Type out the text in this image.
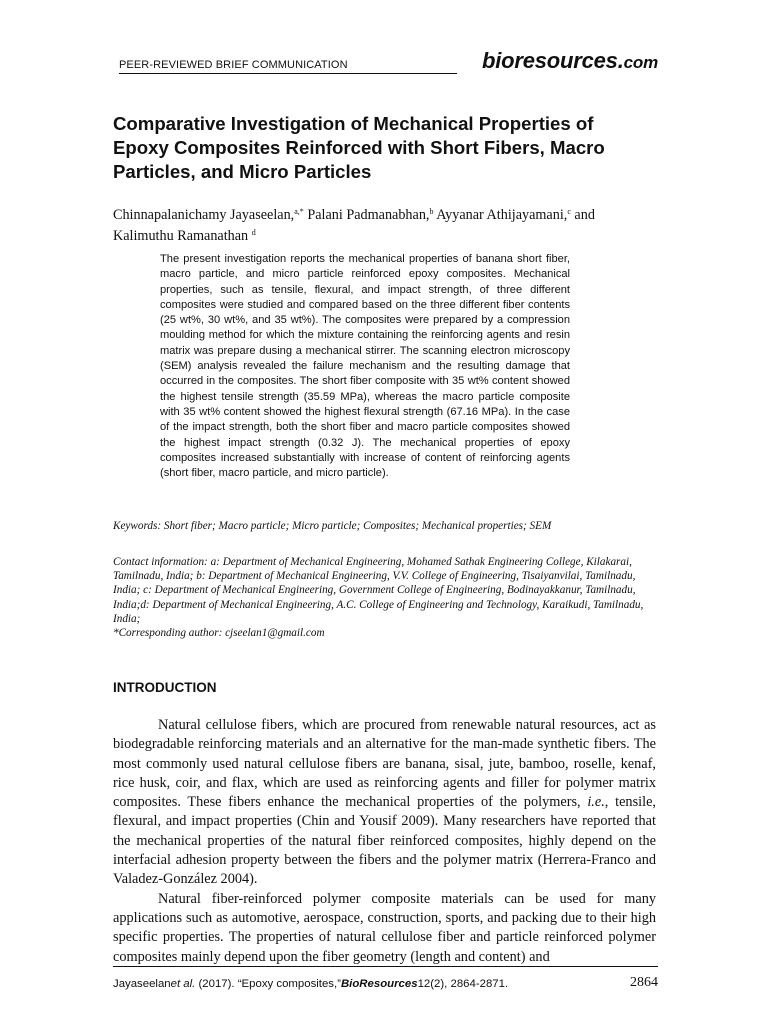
PEER-REVIEWED BRIEF COMMUNICATION	bioresources.com
Comparative Investigation of Mechanical Properties of Epoxy Composites Reinforced with Short Fibers, Macro Particles, and Micro Particles
Chinnapalanichamy Jayaseelan,$^{a,*}$ Palani Padmanabhan,$^b$ Ayyanar Athijayamani,$^c$ and Kalimuthu Ramanathan $^d$

The present investigation reports the mechanical properties of banana short fiber, macro particle, and micro particle reinforced epoxy composites. Mechanical properties, such as tensile, flexural, and impact strength, of three different composites were studied and compared based on the three different fiber contents (25 wt%, 30 wt%, and 35 wt%). The composites were prepared by a compression moulding method for which the mixture containing the reinforcing agents and resin matrix was prepare dusing a mechanical stirrer. The scanning electron microscopy (SEM) analysis revealed the failure mechanism and the resulting damage that occurred in the composites. The short fiber composite with 35 wt% content showed the highest tensile strength (35.59 MPa), whereas the macro particle composite with 35 wt% content showed the highest flexural strength (67.16 MPa). In the case of the impact strength, both the short fiber and macro particle composites showed the highest impact strength (0.32 J). The mechanical properties of epoxy composites increased substantially with increase of content of reinforcing agents (short fiber, macro particle, and micro particle).

Keywords: Short fiber; Macro particle; Micro particle; Composites; Mechanical properties; SEM
Contact information: a: Department of Mechanical Engineering, Mohamed Sathak Engineering College, Kilakarai, Tamilnadu, India; b: Department of Mechanical Engineering, V.V. College of Engineering, Tisaiyanvilai, Tamilnadu, India; c: Department of Mechanical Engineering, Government College of Engineering, Bodinayakkanur, Tamilnadu, India;d: Department of Mechanical Engineering, A.C. College of Engineering and Technology, Karaikudi, Tamilnadu, India;
*Corresponding author: cjseelan1@gmail.com
INTRODUCTION

Natural cellulose fibers, which are procured from renewable natural resources, act as biodegradable reinforcing materials and an alternative for the man-made synthetic fibers. The most commonly used natural cellulose fibers are banana, sisal, jute, bamboo, roselle, kenaf, rice husk, coir, and flax, which are used as reinforcing agents and filler for polymer matrix composites. These fibers enhance the mechanical properties of the polymers, i.e., tensile, flexural, and impact properties (Chin and Yousif 2009). Many researchers have reported that the mechanical properties of the natural fiber reinforced composites, highly depend on the interfacial adhesion property between the fibers and the polymer matrix (Herrera-Franco and Valadez-González 2004).

Natural fiber-reinforced polymer composite materials can be used for many applications such as automotive, aerospace, construction, sports, and packing due to their high specific properties. The properties of natural cellulose fiber and particle reinforced polymer composites mainly depend upon the fiber geometry (length and content) and

Jayaseelanet al. (2017). “Epoxy composites,”BioResources12(2), 2864-2871.	2864
